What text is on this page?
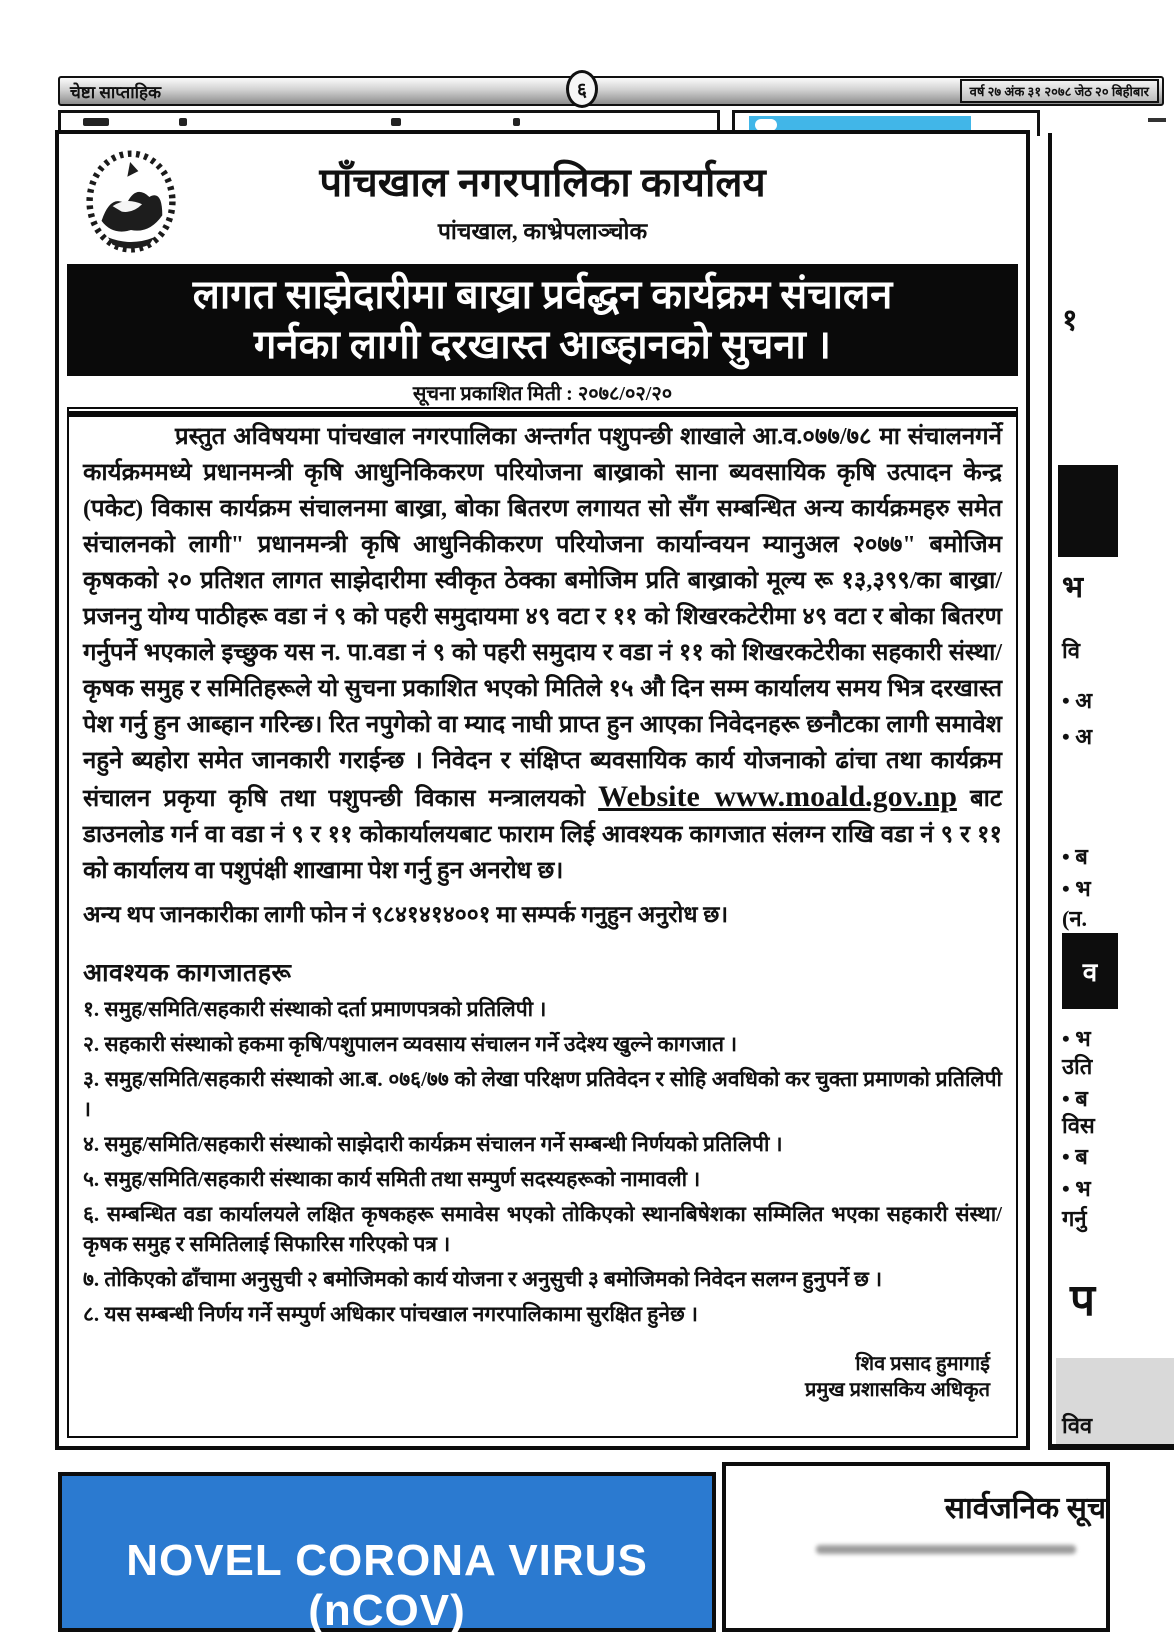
चेष्टा साप्ताहिक	वर्ष २७ अंक ३१ २०७८ जेठ २० बिहीबार
६
पाँचखाल नगरपालिका कार्यालय
पांचखाल, काभ्रेपलाञ्चोक
लागत साझेदारीमा बाख्रा प्रर्वद्धन कार्यक्रम संचालन
गर्नका लागी दरखास्त आब्हानको सुचना ।
सूचना प्रकाशित मिती : २०७८/०२/२०

प्रस्तुत अविषयमा पांचखाल नगरपालिका अन्तर्गत पशुपन्छी शाखाले आ.व.०७७/७८ मा संचालनगर्ने कार्यक्रममध्ये प्रधानमन्त्री कृषि आधुनिकिकरण परियोजना बाख्राको साना ब्यवसायिक कृषि उत्पादन केन्द्र (पकेट) विकास कार्यक्रम संचालनमा बाख्रा, बोका बितरण लगायत सो सँग सम्बन्धित अन्य कार्यक्रमहरु समेत संचालनको लागी" प्रधानमन्त्री कृषि आधुनिकीकरण परियोजना कार्यान्वयन म्यानुअल २०७७" बमोजिम कृषकको २० प्रतिशत लागत साझेदारीमा स्वीकृत ठेक्का बमोजिम प्रति बाख्राको मूल्य रू १३,३९९/का बाख्रा/प्रजननु योग्य पाठीहरू वडा नं ९ को पहरी समुदायमा ४९ वटा र ११ को शिखरकटेरीमा ४९ वटा र बोका बितरण गर्नुपर्ने भएकाले इच्छुक यस न. पा.वडा नं ९ को पहरी समुदाय र वडा नं ११ को शिखरकटेरीका सहकारी संस्था/कृषक समुह र समितिहरूले यो सुचना प्रकाशित भएको मितिले १५ औ दिन सम्म कार्यालय समय भित्र दरखास्त पेश गर्नु हुन आब्हान गरिन्छ। रित नपुगेको वा म्याद नाघी प्राप्त हुन आएका निवेदनहरू छनौटका लागी समावेश नहुने ब्यहोरा समेत जानकारी गराईन्छ । निवेदन र संक्षिप्त ब्यवसायिक कार्य योजनाको ढांचा तथा कार्यक्रम संचालन प्रकृया कृषि तथा पशुपन्छी विकास मन्त्रालयको Website www.moald.gov.np बाट डाउनलोड गर्न वा वडा नं ९ र ११ कोकार्यालयबाट फाराम लिई आवश्यक कागजात संलग्न राखि वडा नं ९ र ११ को कार्यालय वा पशुपंक्षी शाखामा पेश गर्नु हुन अनरोध छ।

अन्य थप जानकारीका लागी फोन नं ९८४१४१४००१ मा सम्पर्क गनुहुन अनुरोध छ।
आवश्यक कागजातहरू
१. समुह/समिति/सहकारी संस्थाको दर्ता प्रमाणपत्रको प्रतिलिपी ।
२. सहकारी संस्थाको हकमा कृषि/पशुपालन व्यवसाय संचालन गर्ने उदेश्य खुल्ने कागजात ।
३. समुह/समिति/सहकारी संस्थाको आ.ब. ०७६/७७ को लेखा परिक्षण प्रतिवेदन र सोहि अवधिको कर चुक्ता प्रमाणको प्रतिलिपी ।
४. समुह/समिति/सहकारी संस्थाको साझेदारी कार्यक्रम संचालन गर्ने सम्बन्धी निर्णयको प्रतिलिपी ।
५. समुह/समिति/सहकारी संस्थाका कार्य समिती तथा सम्पुर्ण सदस्यहरूको नामावली ।
६. सम्बन्धित वडा कार्यालयले लक्षित कृषकहरू समावेस भएको तोकिएको स्थानबिषेशका सम्मिलित भएका सहकारी संस्था/कृषक समुह र समितिलाई सिफारिस गरिएको पत्र ।
७. तोकिएको ढाँचामा अनुसुची २ बमोजिमको कार्य योजना र अनुसुची ३ बमोजिमको निवेदन सलग्न हुनुपर्ने छ ।
८. यस सम्बन्धी निर्णय गर्ने सम्पुर्ण अधिकार पांचखाल नगरपालिकामा सुरक्षित हुनेछ ।
शिव प्रसाद हुमागाई
प्रमुख प्रशासकिय अधिकृत
१
भ
वि
• अ
• अ
• ब
• भ
(न.
व
• भ
उति
• ब
विस
• ब
• भ
गर्नु
प
विव
NOVEL CORONA VIRUS (nCOV)
सार्वजनिक सूच
